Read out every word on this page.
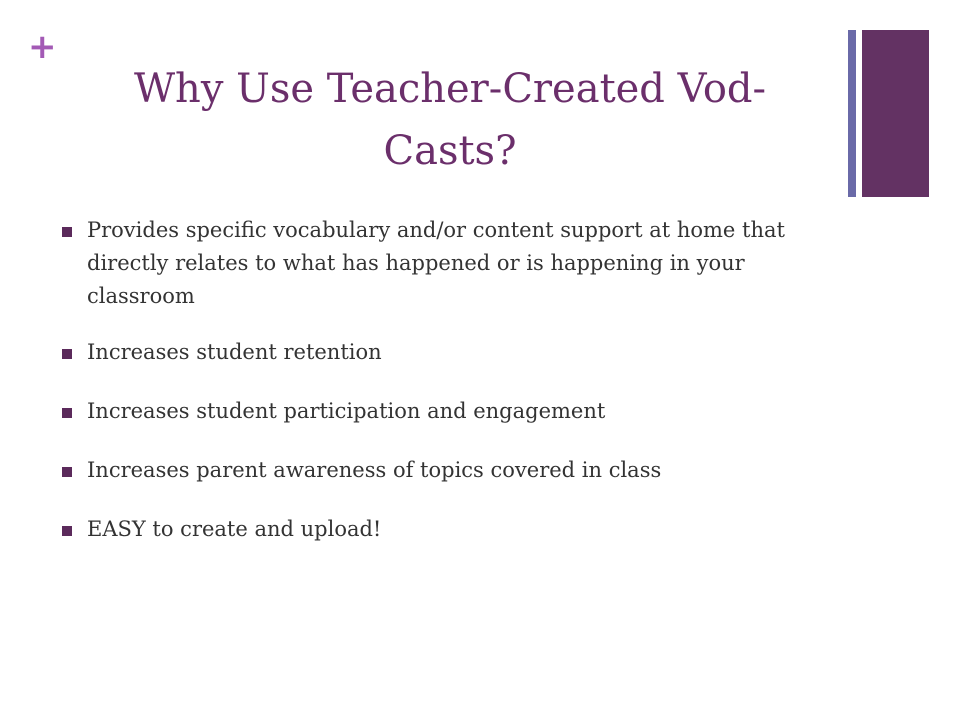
+
Why Use Teacher-Created Vod-Casts?
Provides specific vocabulary and/or content support at home that directly relates to what has happened or is happening in your classroom
Increases student retention
Increases student participation and engagement
Increases parent awareness of topics covered in class
EASY to create and upload!
